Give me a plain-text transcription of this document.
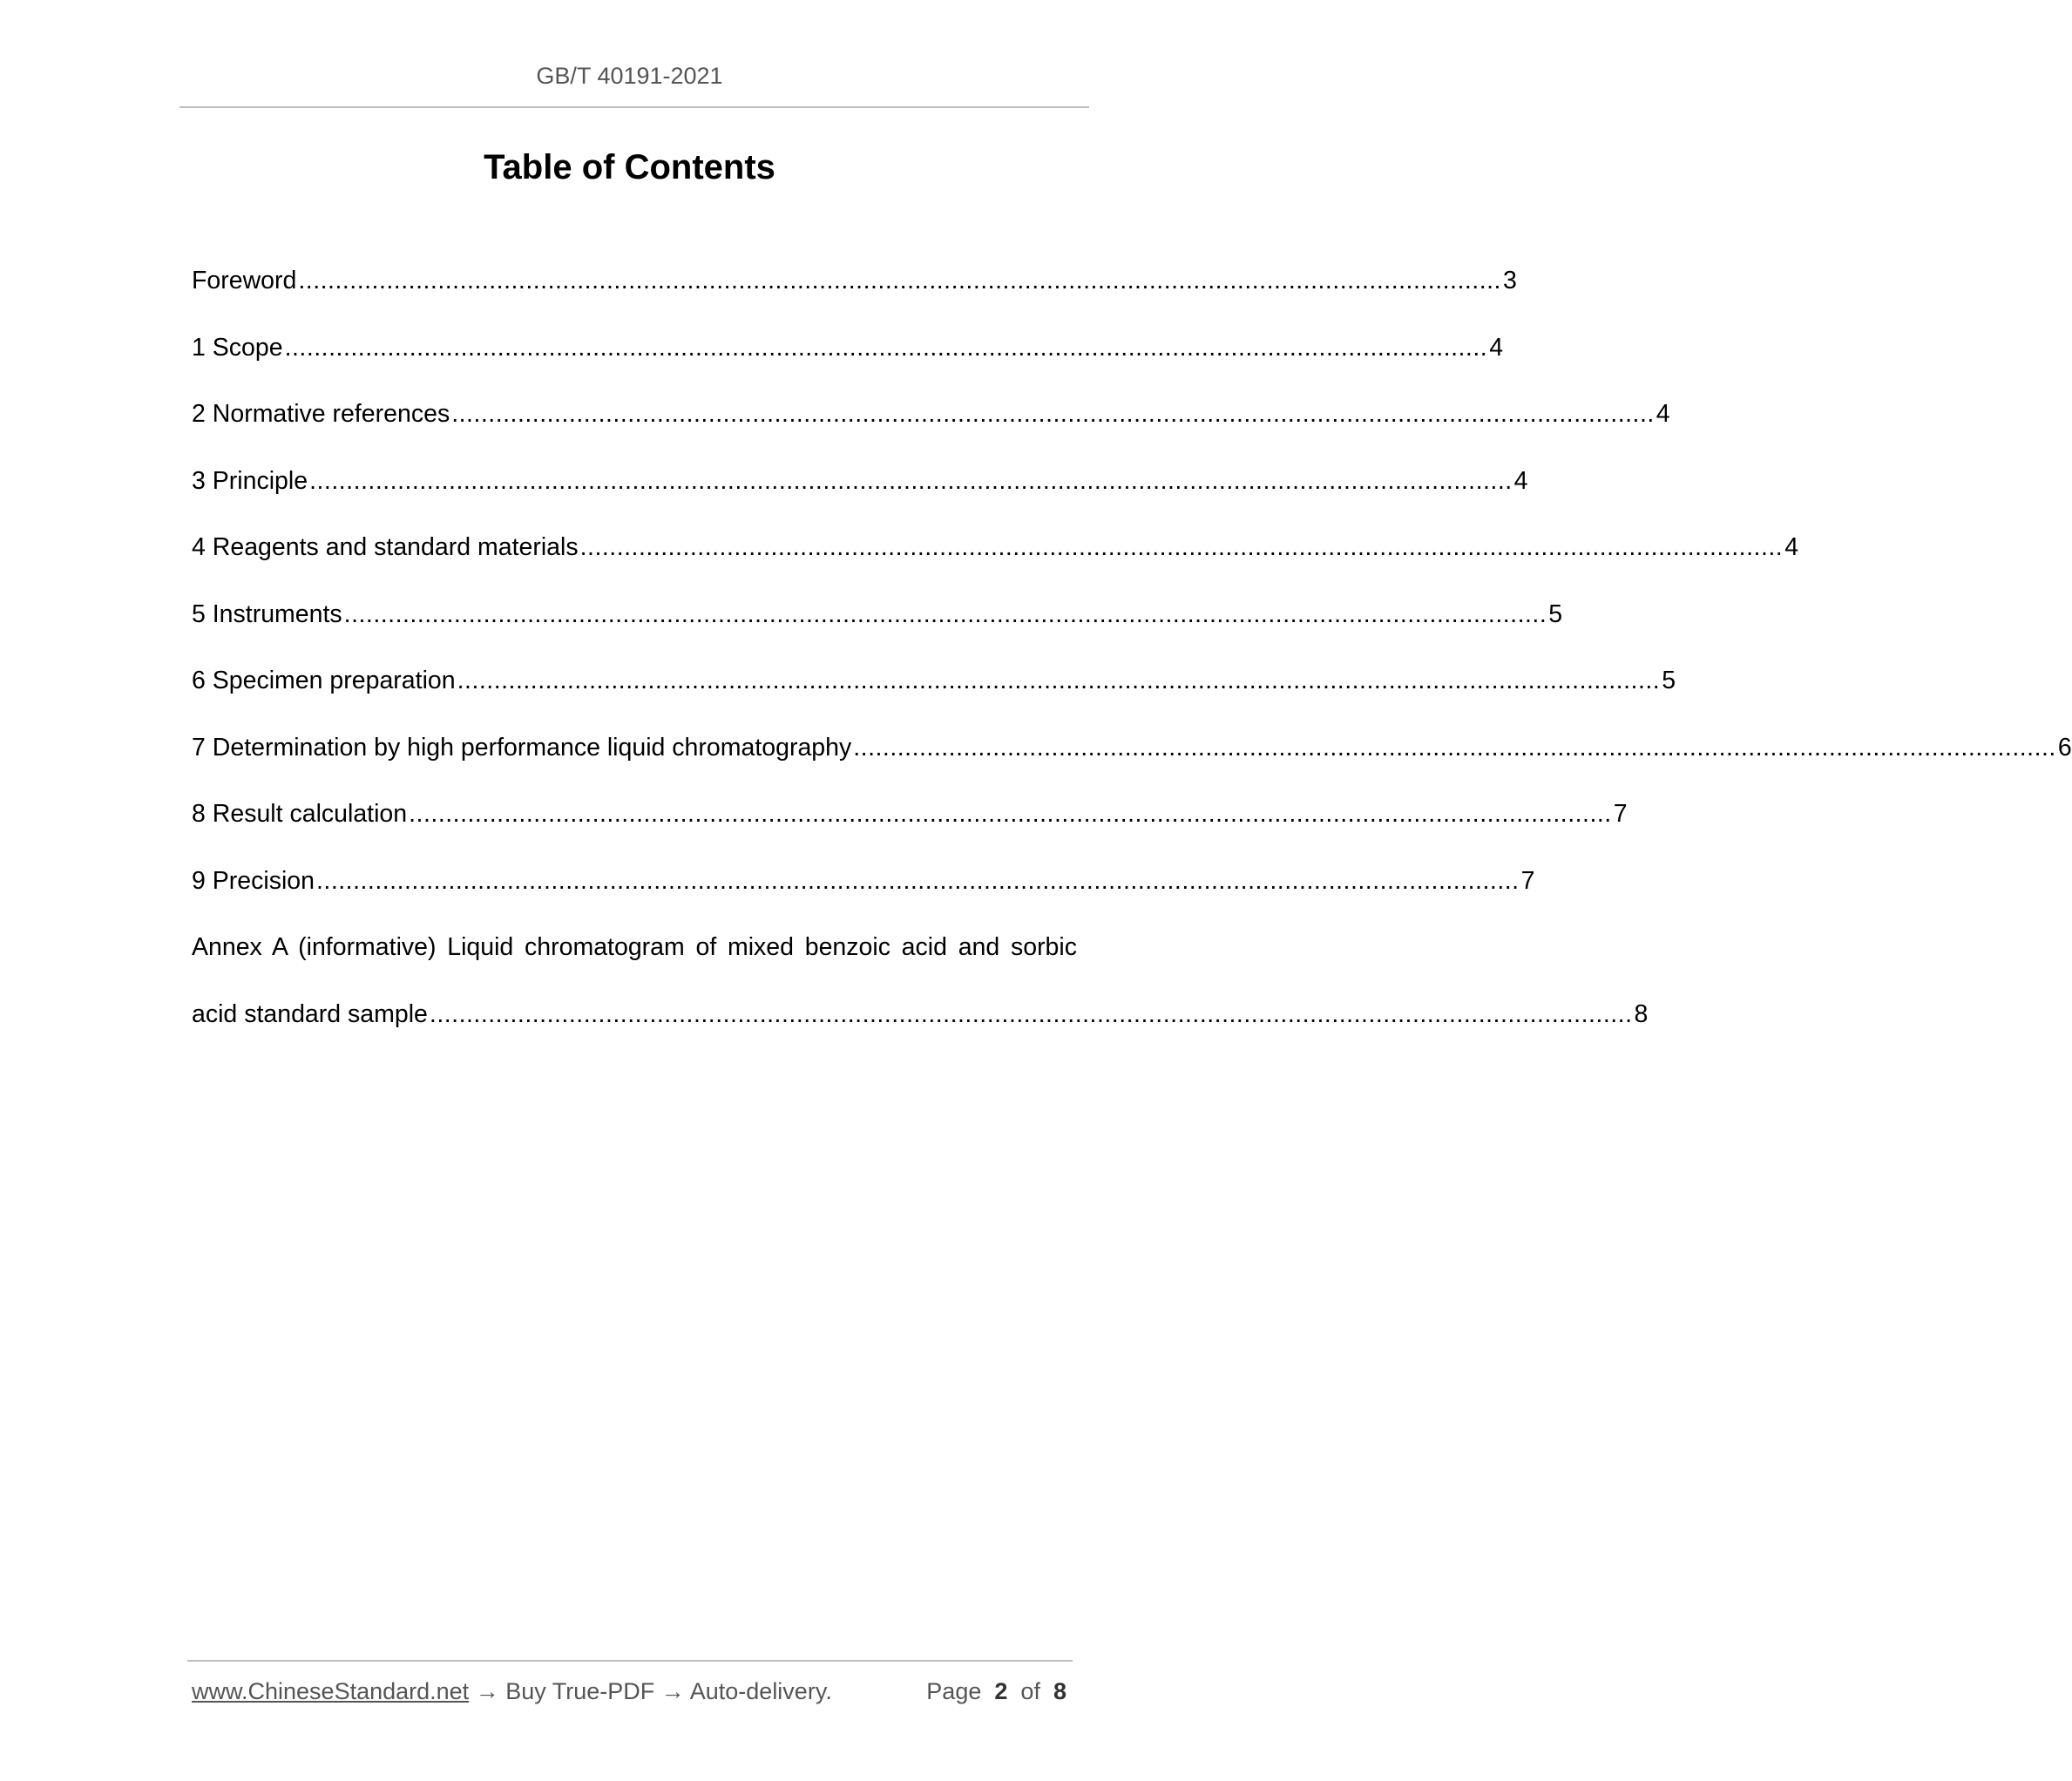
GB/T 40191-2021
Table of Contents
Foreword .................................................................................................................................................................... 3
1 Scope .................................................................................................................................................................... 4
2 Normative references .................................................................................................................................................................... 4
3 Principle .................................................................................................................................................................... 4
4 Reagents and standard materials .................................................................................................................................................................... 4
5 Instruments .................................................................................................................................................................... 5
6 Specimen preparation .................................................................................................................................................................... 5
7 Determination by high performance liquid chromatography .................................................................................................................................................................... 6
8 Result calculation .................................................................................................................................................................... 7
9 Precision .................................................................................................................................................................... 7
Annex A (informative) Liquid chromatogram of mixed benzoic acid and sorbic
acid standard sample .................................................................................................................................................................... 8
www.ChineseStandard.net → Buy True-PDF → Auto-delivery.	Page 2 of 8
